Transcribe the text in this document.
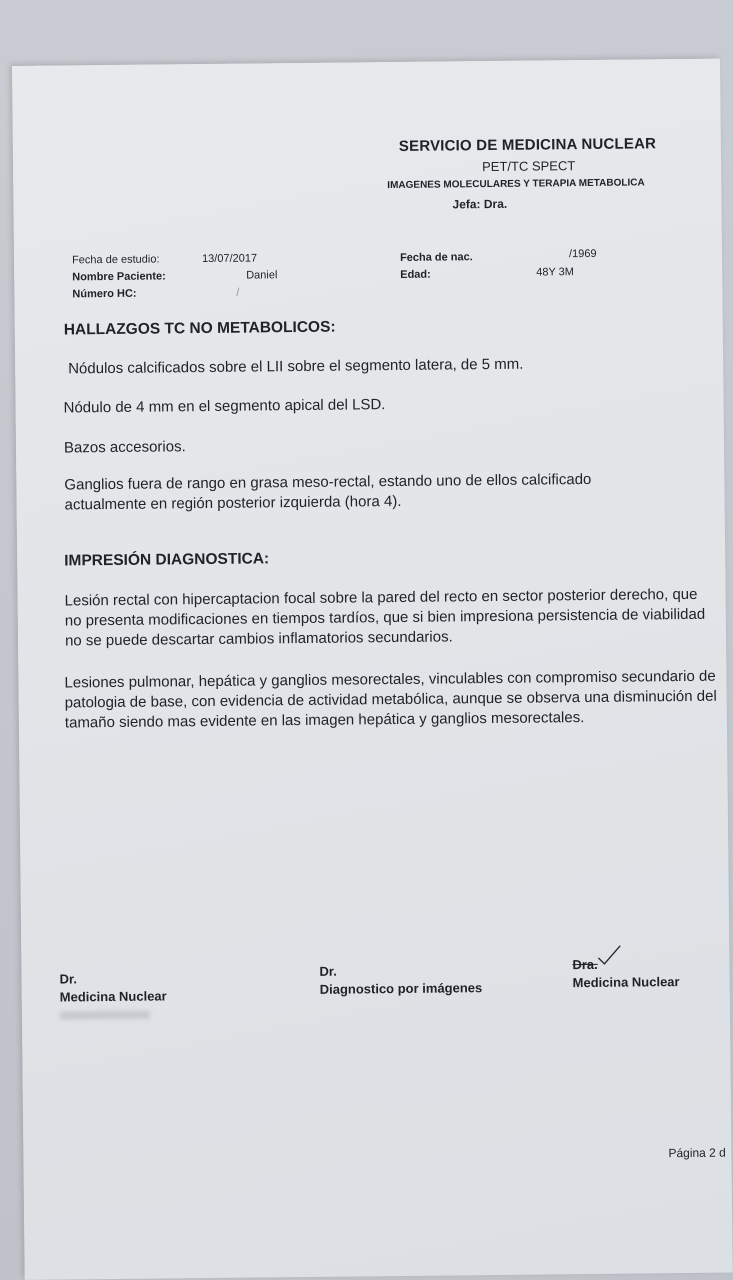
SERVICIO DE MEDICINA NUCLEAR
PET/TC SPECT
IMAGENES MOLECULARES Y TERAPIA METABOLICA
Jefa: Dra.
Fecha de estudio:	13/07/2017
Nombre Paciente:	Daniel
Número HC:	/
Fecha de nac.	/1969
Edad:	48Y 3M
HALLAZGOS TC NO METABOLICOS:
Nódulos calcificados sobre el LII sobre el segmento latera, de 5 mm.
Nódulo de 4 mm en el segmento apical del LSD.
Bazos accesorios.
Ganglios fuera de rango en grasa meso-rectal, estando uno de ellos calcificado actualmente en región posterior izquierda (hora 4).
IMPRESIÓN DIAGNOSTICA:
Lesión rectal con hipercaptacion focal sobre la pared del recto en sector posterior derecho, que no presenta modificaciones en tiempos tardíos, que si bien impresiona persistencia de viabilidad no se puede descartar cambios inflamatorios secundarios.
Lesiones pulmonar, hepática y ganglios mesorectales, vinculables con compromiso secundario de patologia de base, con evidencia de actividad metabólica, aunque se observa una disminución del tamaño siendo mas evidente en las imagen hepática y ganglios mesorectales.
Dr.
Medicina Nuclear
Dr.
Diagnostico por imágenes
Dra.
Medicina Nuclear
Página 2 d
